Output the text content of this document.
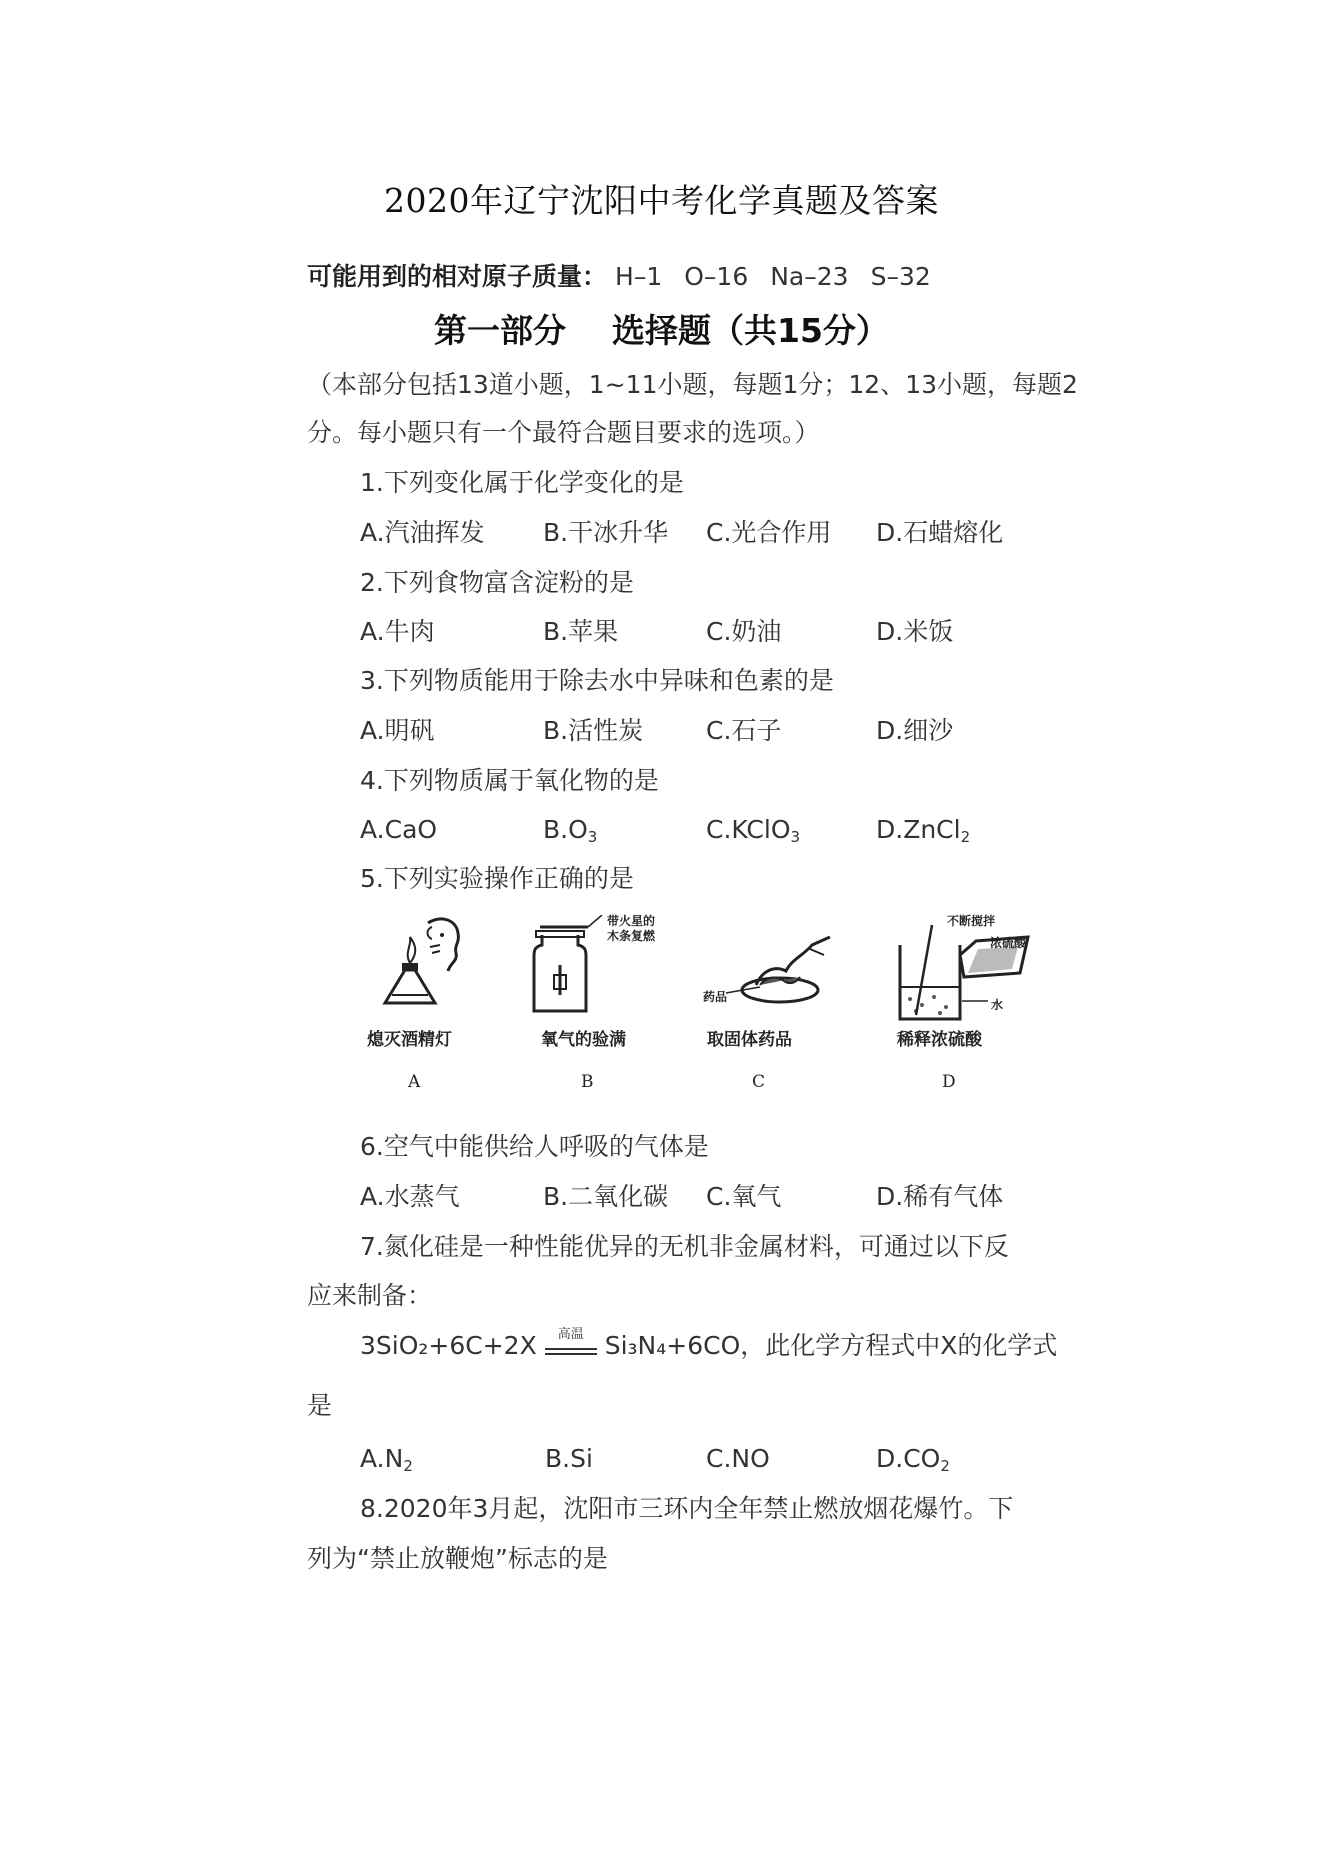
2020年辽宁沈阳中考化学真题及答案
可能用到的相对原子质量： H–1 O–16 Na–23 S–32
第一部分    选择题（共15分）
（本部分包括13道小题，1~11小题，每题1分；12、13小题，每题2
分。每小题只有一个最符合题目要求的选项。）
1.下列变化属于化学变化的是
A.汽油挥发 B.干冰升华 C.光合作用 D.石蜡熔化
2.下列食物富含淀粉的是
A.牛肉	B.苹果	C.奶油	D.米饭
3.下列物质能用于除去水中异味和色素的是
A.明矾	B.活性炭	C.石子	D.细沙
4.下列物质属于氧化物的是
A.CaO	$B.O_3$	C.KClO$_3$	D.ZnCl$_2$
5.下列实验操作正确的是
熄灭酒精灯
A
带火星的
木条复燃
氧气的验满
B
药品
取固体药品
C
不断搅拌
浓硫酸
水
稀释浓硫酸
D
6.空气中能供给人呼吸的气体是
A.水蒸气	B.二氧化碳 C.氧气	D.稀有气体
7.氮化硅是一种性能优异的无机非金属材料，可通过以下反
应来制备：
3SiO₂+6C+2X	高温 Si₃N₄+6CO，此化学方程式中X的化学式
是
$A.N_2$	B.Si	C.NO	$D.CO_2$
8.2020年3月起，沈阳市三环内全年禁止燃放烟花爆竹。下
列为“禁止放鞭炮”标志的是
